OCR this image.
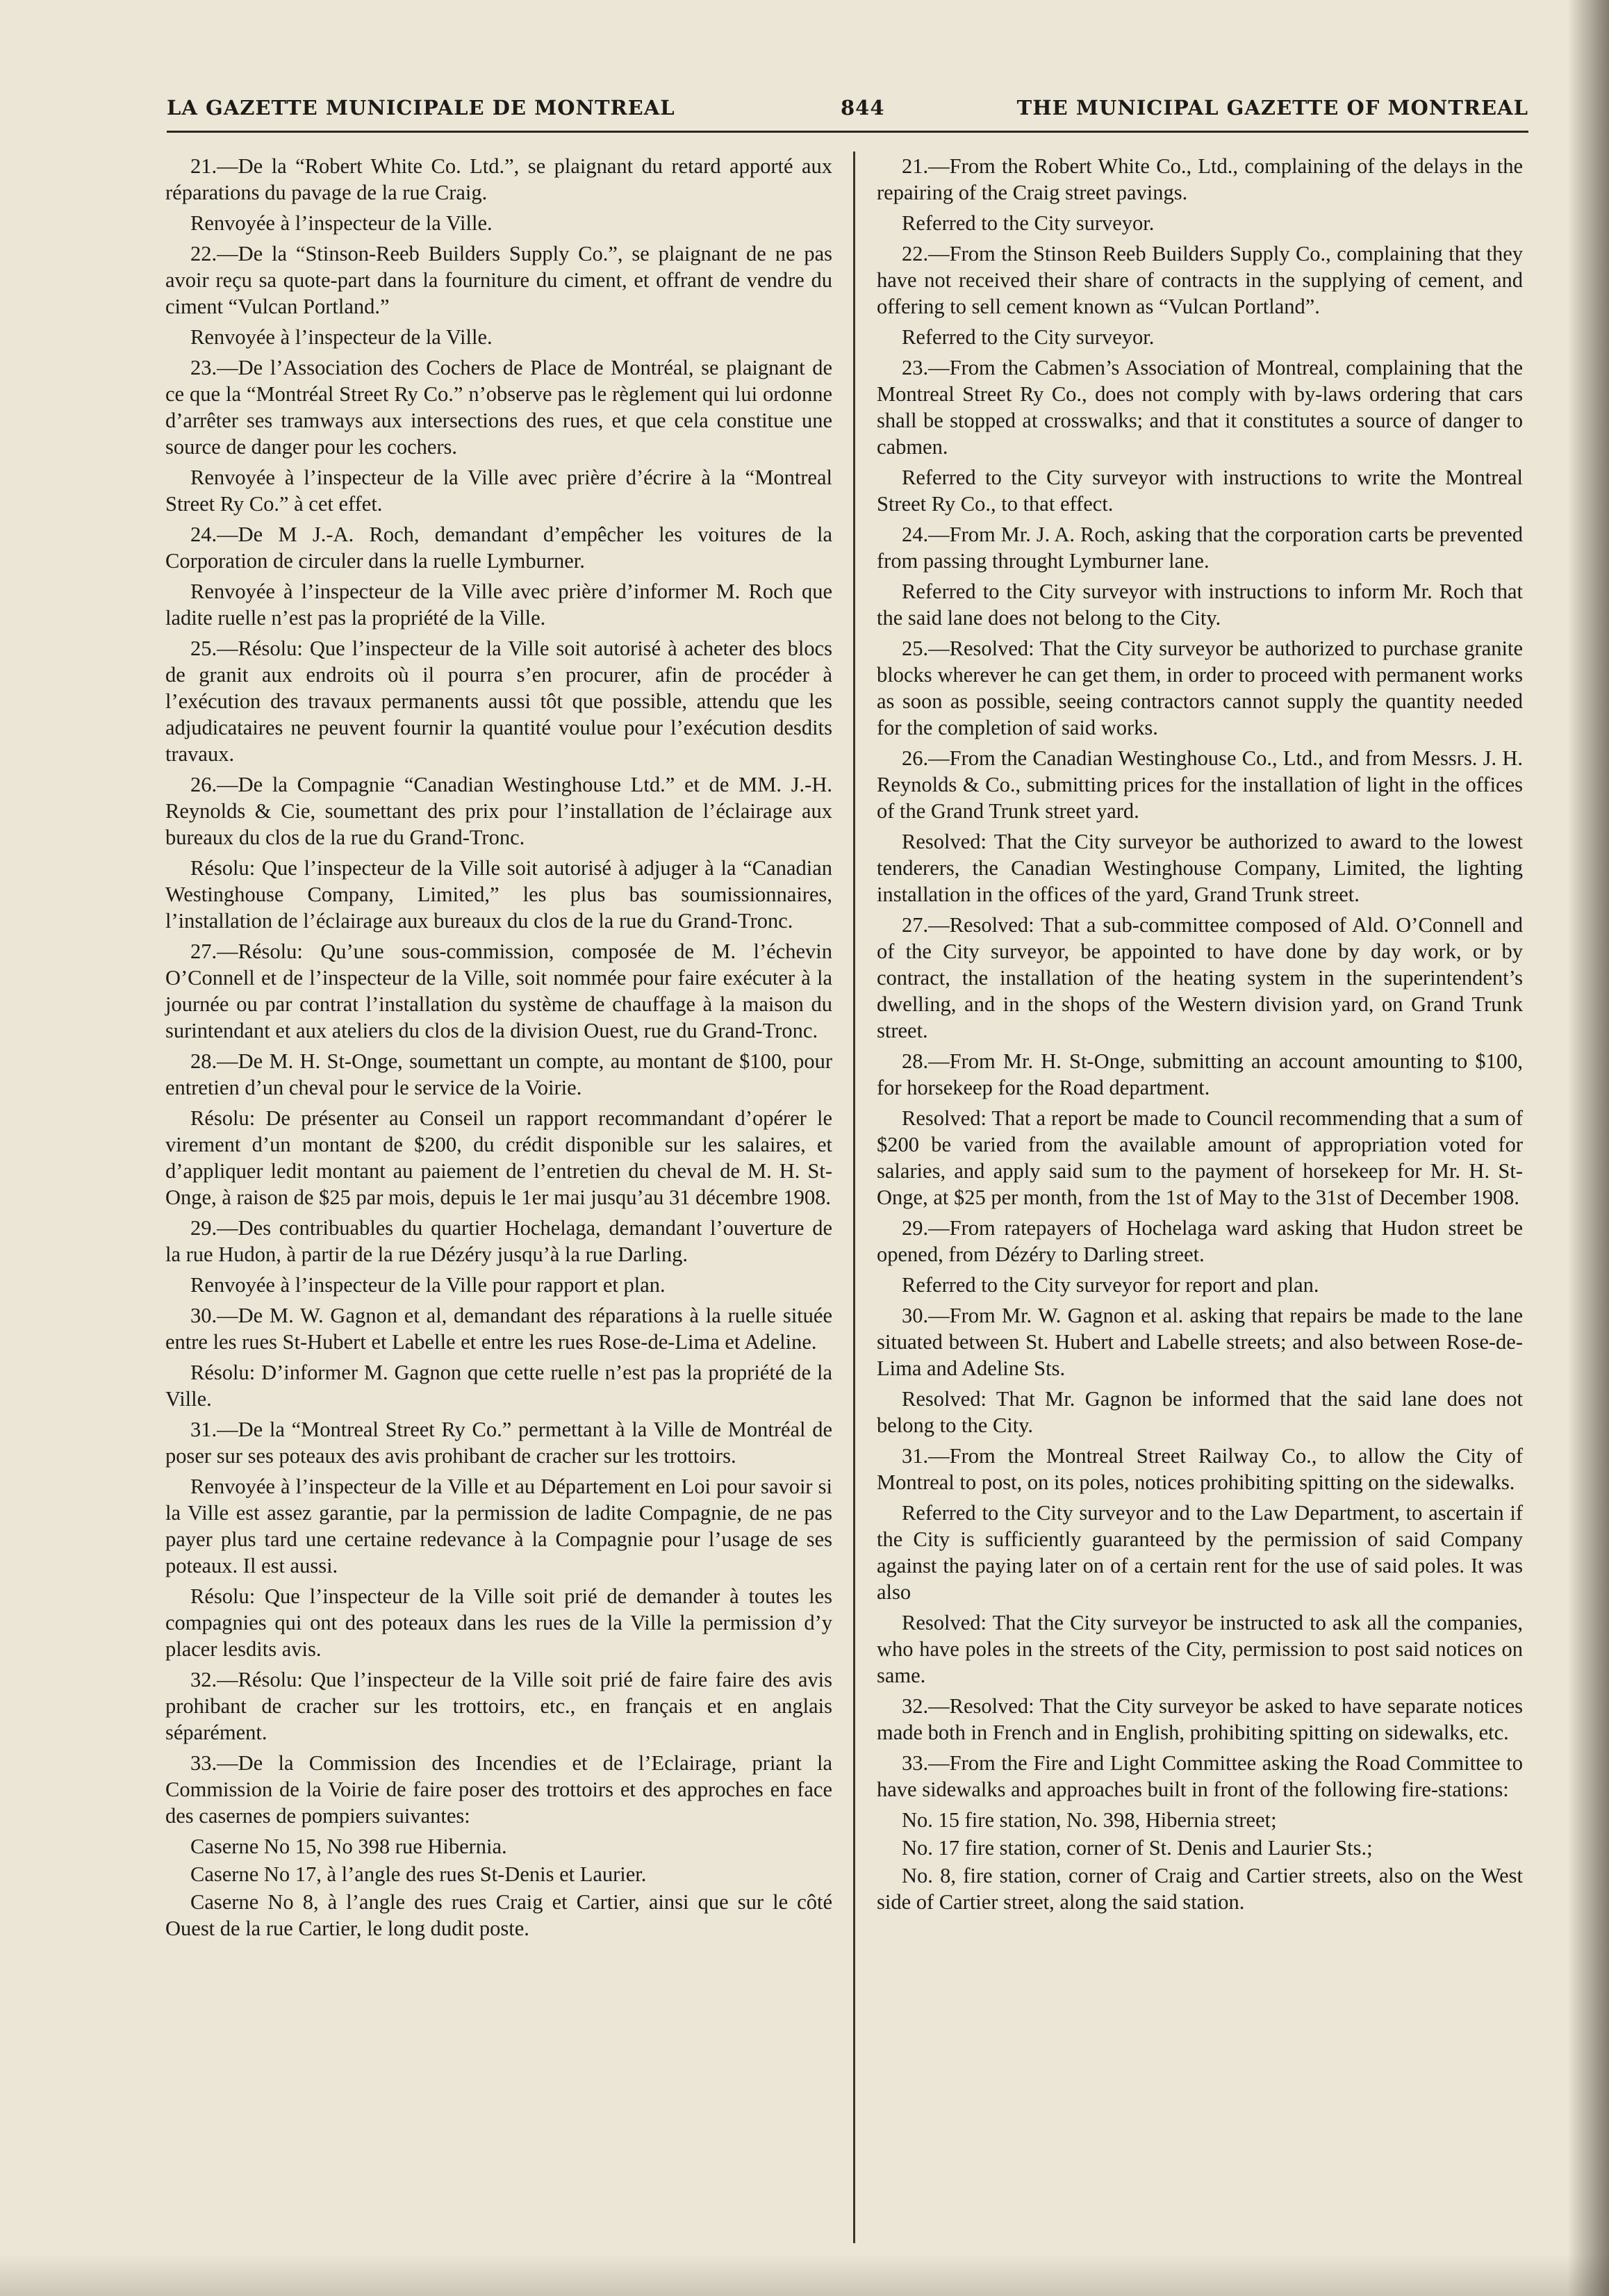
LA GAZETTE MUNICIPALE DE MONTREAL	844	THE MUNICIPAL GAZETTE OF MONTREAL

21.—De la “Robert White Co. Ltd.”, se plaignant du retard apporté aux réparations du pavage de la rue Craig.

Renvoyée à l’inspecteur de la Ville.

22.—De la “Stinson-Reeb Builders Supply Co.”, se plaignant de ne pas avoir reçu sa quote-part dans la fourniture du ciment, et offrant de vendre du ciment “Vulcan Portland.”

Renvoyée à l’inspecteur de la Ville.

23.—De l’Association des Cochers de Place de Montréal, se plaignant de ce que la “Montréal Street Ry Co.” n’observe pas le règlement qui lui ordonne d’arrêter ses tramways aux intersections des rues, et que cela constitue une source de danger pour les cochers.

Renvoyée à l’inspecteur de la Ville avec prière d’écrire à la “Montreal Street Ry Co.” à cet effet.

24.—De M J.-A. Roch, demandant d’empêcher les voitures de la Corporation de circuler dans la ruelle Lymburner.

Renvoyée à l’inspecteur de la Ville avec prière d’informer M. Roch que ladite ruelle n’est pas la propriété de la Ville.

25.—Résolu: Que l’inspecteur de la Ville soit autorisé à acheter des blocs de granit aux endroits où il pourra s’en procurer, afin de procéder à l’exécution des travaux permanents aussi tôt que possible, attendu que les adjudicataires ne peuvent fournir la quantité voulue pour l’exécution desdits travaux.

26.—De la Compagnie “Canadian Westinghouse Ltd.” et de MM. J.-H. Reynolds & Cie, soumettant des prix pour l’installation de l’éclairage aux bureaux du clos de la rue du Grand-Tronc.

Résolu: Que l’inspecteur de la Ville soit autorisé à adjuger à la “Canadian Westinghouse Company, Limited,” les plus bas soumissionnaires, l’installation de l’éclairage aux bureaux du clos de la rue du Grand-Tronc.

27.—Résolu: Qu’une sous-commission, composée de M. l’échevin O’Connell et de l’inspecteur de la Ville, soit nommée pour faire exécuter à la journée ou par contrat l’installation du système de chauffage à la maison du surintendant et aux ateliers du clos de la division Ouest, rue du Grand-Tronc.

28.—De M. H. St-Onge, soumettant un compte, au montant de $100, pour entretien d’un cheval pour le service de la Voirie.

Résolu: De présenter au Conseil un rapport recommandant d’opérer le virement d’un montant de $200, du crédit disponible sur les salaires, et d’appliquer ledit montant au paiement de l’entretien du cheval de M. H. St-Onge, à raison de $25 par mois, depuis le 1er mai jusqu’au 31 décembre 1908.

29.—Des contribuables du quartier Hochelaga, demandant l’ouverture de la rue Hudon, à partir de la rue Dézéry jusqu’à la rue Darling.

Renvoyée à l’inspecteur de la Ville pour rapport et plan.

30.—De M. W. Gagnon et al, demandant des réparations à la ruelle située entre les rues St-Hubert et Labelle et entre les rues Rose-de-Lima et Adeline.

Résolu: D’informer M. Gagnon que cette ruelle n’est pas la propriété de la Ville.

31.—De la “Montreal Street Ry Co.” permettant à la Ville de Montréal de poser sur ses poteaux des avis prohibant de cracher sur les trottoirs.

Renvoyée à l’inspecteur de la Ville et au Département en Loi pour savoir si la Ville est assez garantie, par la permission de ladite Compagnie, de ne pas payer plus tard une certaine redevance à la Compagnie pour l’usage de ses poteaux. Il est aussi.

Résolu: Que l’inspecteur de la Ville soit prié de demander à toutes les compagnies qui ont des poteaux dans les rues de la Ville la permission d’y placer lesdits avis.

32.—Résolu: Que l’inspecteur de la Ville soit prié de faire faire des avis prohibant de cracher sur les trottoirs, etc., en français et en anglais séparément.

33.—De la Commission des Incendies et de l’Eclairage, priant la Commission de la Voirie de faire poser des trottoirs et des approches en face des casernes de pompiers suivantes:

Caserne No 15, No 398 rue Hibernia.

Caserne No 17, à l’angle des rues St-Denis et Laurier.

Caserne No 8, à l’angle des rues Craig et Cartier, ainsi que sur le côté Ouest de la rue Cartier, le long dudit poste.

21.—From the Robert White Co., Ltd., complaining of the delays in the repairing of the Craig street pavings.

Referred to the City surveyor.

22.—From the Stinson Reeb Builders Supply Co., complaining that they have not received their share of contracts in the supplying of cement, and offering to sell cement known as “Vulcan Portland”.

Referred to the City surveyor.

23.—From the Cabmen’s Association of Montreal, complaining that the Montreal Street Ry Co., does not comply with by-laws ordering that cars shall be stopped at crosswalks; and that it constitutes a source of danger to cabmen.

Referred to the City surveyor with instructions to write the Montreal Street Ry Co., to that effect.

24.—From Mr. J. A. Roch, asking that the corporation carts be prevented from passing throught Lymburner lane.

Referred to the City surveyor with instructions to inform Mr. Roch that the said lane does not belong to the City.

25.—Resolved: That the City surveyor be authorized to purchase granite blocks wherever he can get them, in order to proceed with permanent works as soon as possible, seeing contractors cannot supply the quantity needed for the completion of said works.

26.—From the Canadian Westinghouse Co., Ltd., and from Messrs. J. H. Reynolds & Co., submitting prices for the installation of light in the offices of the Grand Trunk street yard.

Resolved: That the City surveyor be authorized to award to the lowest tenderers, the Canadian Westinghouse Company, Limited, the lighting installation in the offices of the yard, Grand Trunk street.

27.—Resolved: That a sub-committee composed of Ald. O’Connell and of the City surveyor, be appointed to have done by day work, or by contract, the installation of the heating system in the superintendent’s dwelling, and in the shops of the Western division yard, on Grand Trunk street.

28.—From Mr. H. St-Onge, submitting an account amounting to $100, for horsekeep for the Road department.

Resolved: That a report be made to Council recommending that a sum of $200 be varied from the available amount of appropriation voted for salaries, and apply said sum to the payment of horsekeep for Mr. H. St-Onge, at $25 per month, from the 1st of May to the 31st of December 1908.

29.—From ratepayers of Hochelaga ward asking that Hudon street be opened, from Dézéry to Darling street.

Referred to the City surveyor for report and plan.

30.—From Mr. W. Gagnon et al. asking that repairs be made to the lane situated between St. Hubert and Labelle streets; and also between Rose-de-Lima and Adeline Sts.

Resolved: That Mr. Gagnon be informed that the said lane does not belong to the City.

31.—From the Montreal Street Railway Co., to allow the City of Montreal to post, on its poles, notices prohibiting spitting on the sidewalks.

Referred to the City surveyor and to the Law Department, to ascertain if the City is sufficiently guaranteed by the permission of said Company against the paying later on of a certain rent for the use of said poles. It was also

Resolved: That the City surveyor be instructed to ask all the companies, who have poles in the streets of the City, permission to post said notices on same.

32.—Resolved: That the City surveyor be asked to have separate notices made both in French and in English, prohibiting spitting on sidewalks, etc.

33.—From the Fire and Light Committee asking the Road Committee to have sidewalks and approaches built in front of the following fire-stations:

No. 15 fire station, No. 398, Hibernia street;

No. 17 fire station, corner of St. Denis and Laurier Sts.;

No. 8, fire station, corner of Craig and Cartier streets, also on the West side of Cartier street, along the said station.
